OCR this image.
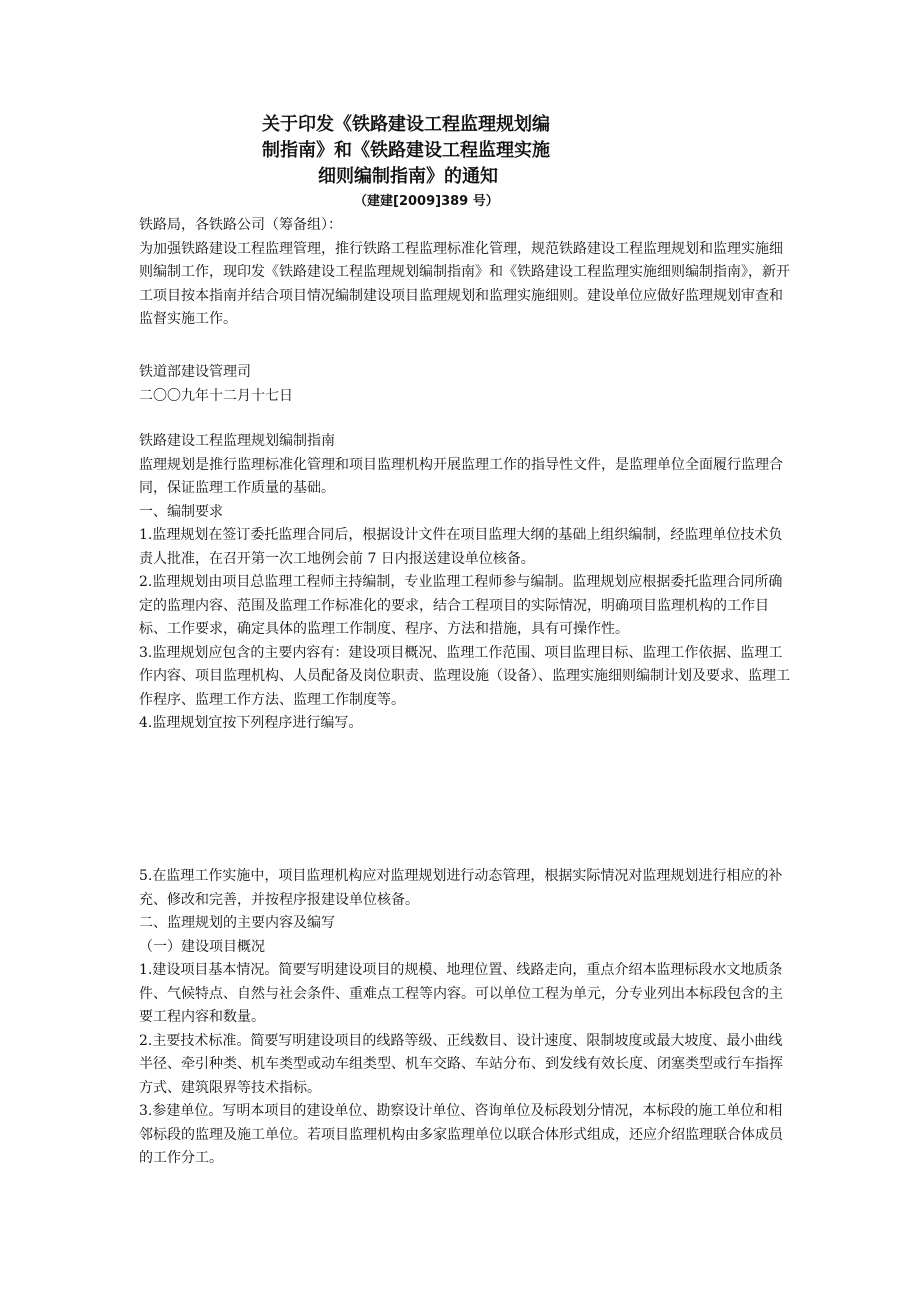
关于印发《铁路建设工程监理规划编
制指南》和《铁路建设工程监理实施
细则编制指南》的通知
（建建[2009]389 号）

铁路局，各铁路公司（筹备组）：

为加强铁路建设工程监理管理，推行铁路工程监理标准化管理，规范铁路建设工程监理规划和监理实施细则编制工作，现印发《铁路建设工程监理规划编制指南》和《铁路建设工程监理实施细则编制指南》，新开工项目按本指南并结合项目情况编制建设项目监理规划和监理实施细则。建设单位应做好监理规划审查和监督实施工作。

铁道部建设管理司

二〇〇九年十二月十七日

铁路建设工程监理规划编制指南

监理规划是推行监理标准化管理和项目监理机构开展监理工作的指导性文件，是监理单位全面履行监理合同，保证监理工作质量的基础。

一、编制要求

1.监理规划在签订委托监理合同后，根据设计文件在项目监理大纲的基础上组织编制，经监理单位技术负责人批准，在召开第一次工地例会前 7 日内报送建设单位核备。

2.监理规划由项目总监理工程师主持编制，专业监理工程师参与编制。监理规划应根据委托监理合同所确定的监理内容、范围及监理工作标准化的要求，结合工程项目的实际情况，明确项目监理机构的工作目标、工作要求，确定具体的监理工作制度、程序、方法和措施，具有可操作性。

3.监理规划应包含的主要内容有：建设项目概况、监理工作范围、项目监理目标、监理工作依据、监理工作内容、项目监理机构、人员配备及岗位职责、监理设施（设备）、监理实施细则编制计划及要求、监理工作程序、监理工作方法、监理工作制度等。

4.监理规划宜按下列程序进行编写。

5.在监理工作实施中，项目监理机构应对监理规划进行动态管理，根据实际情况对监理规划进行相应的补充、修改和完善，并按程序报建设单位核备。

二、监理规划的主要内容及编写

（一）建设项目概况

1.建设项目基本情况。简要写明建设项目的规模、地理位置、线路走向，重点介绍本监理标段水文地质条件、气候特点、自然与社会条件、重难点工程等内容。可以单位工程为单元，分专业列出本标段包含的主要工程内容和数量。

2.主要技术标准。简要写明建设项目的线路等级、正线数目、设计速度、限制坡度或最大坡度、最小曲线半径、牵引种类、机车类型或动车组类型、机车交路、车站分布、到发线有效长度、闭塞类型或行车指挥方式、建筑限界等技术指标。

3.参建单位。写明本项目的建设单位、勘察设计单位、咨询单位及标段划分情况，本标段的施工单位和相邻标段的监理及施工单位。若项目监理机构由多家监理单位以联合体形式组成，还应介绍监理联合体成员的工作分工。
